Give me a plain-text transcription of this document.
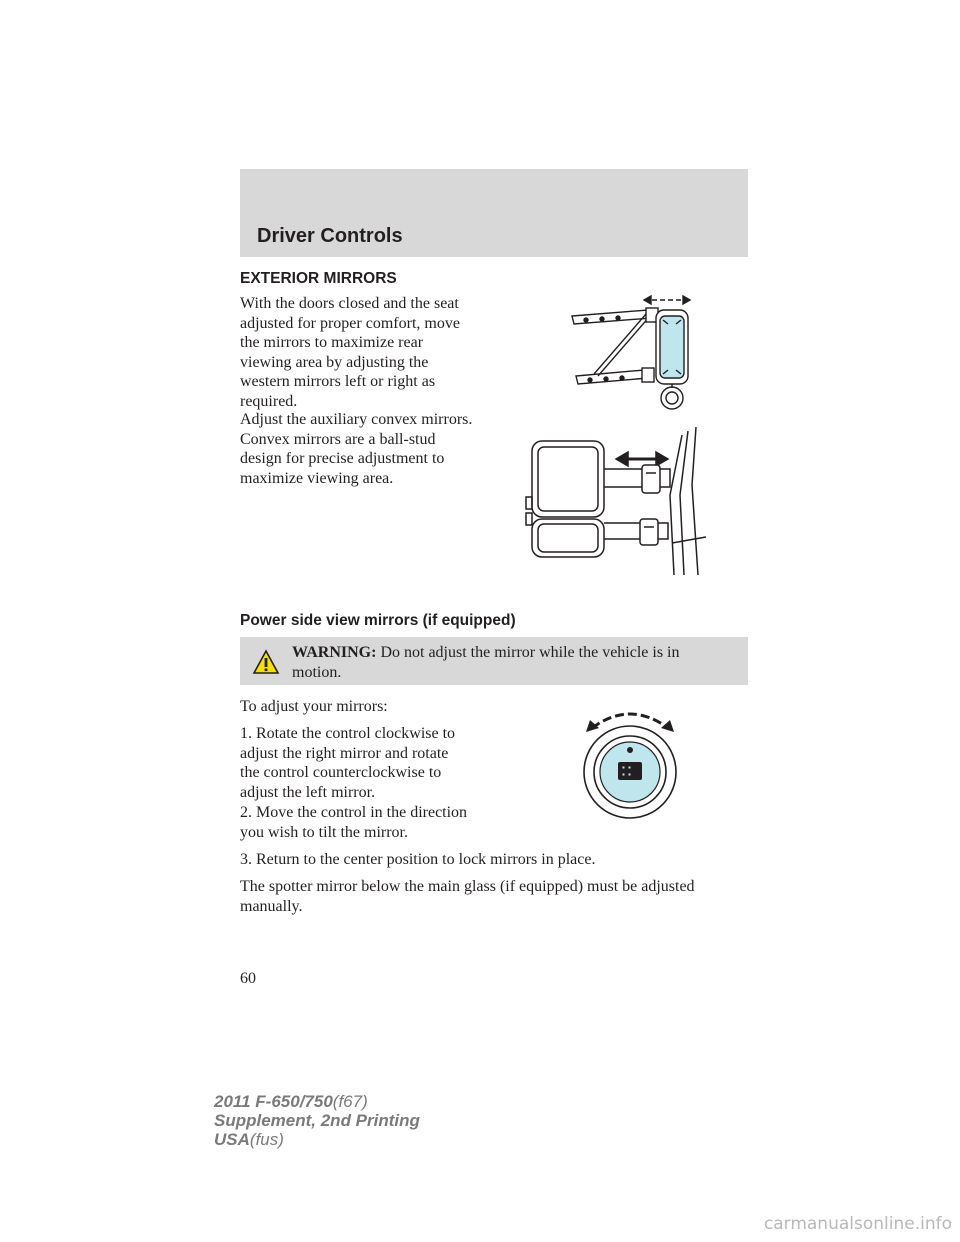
Driver Controls
EXTERIOR MIRRORS

With the doors closed and the seat
adjusted for proper comfort, move
the mirrors to maximize rear
viewing area by adjusting the
western mirrors left or right as
required.

Adjust the auxiliary convex mirrors.
Convex mirrors are a ball-stud
design for precise adjustment to
maximize viewing area.

Power side view mirrors (if equipped)

WARNING: Do not adjust the mirror while the vehicle is in
motion.

To adjust your mirrors:

1. Rotate the control clockwise to
adjust the right mirror and rotate
the control counterclockwise to
adjust the left mirror.

2. Move the control in the direction
you wish to tilt the mirror.

3. Return to the center position to lock mirrors in place.

The spotter mirror below the main glass (if equipped) must be adjusted
manually.

60

2011 F-650/750(f67)
Supplement, 2nd Printing
USA(fus)
carmanualsonline.info
